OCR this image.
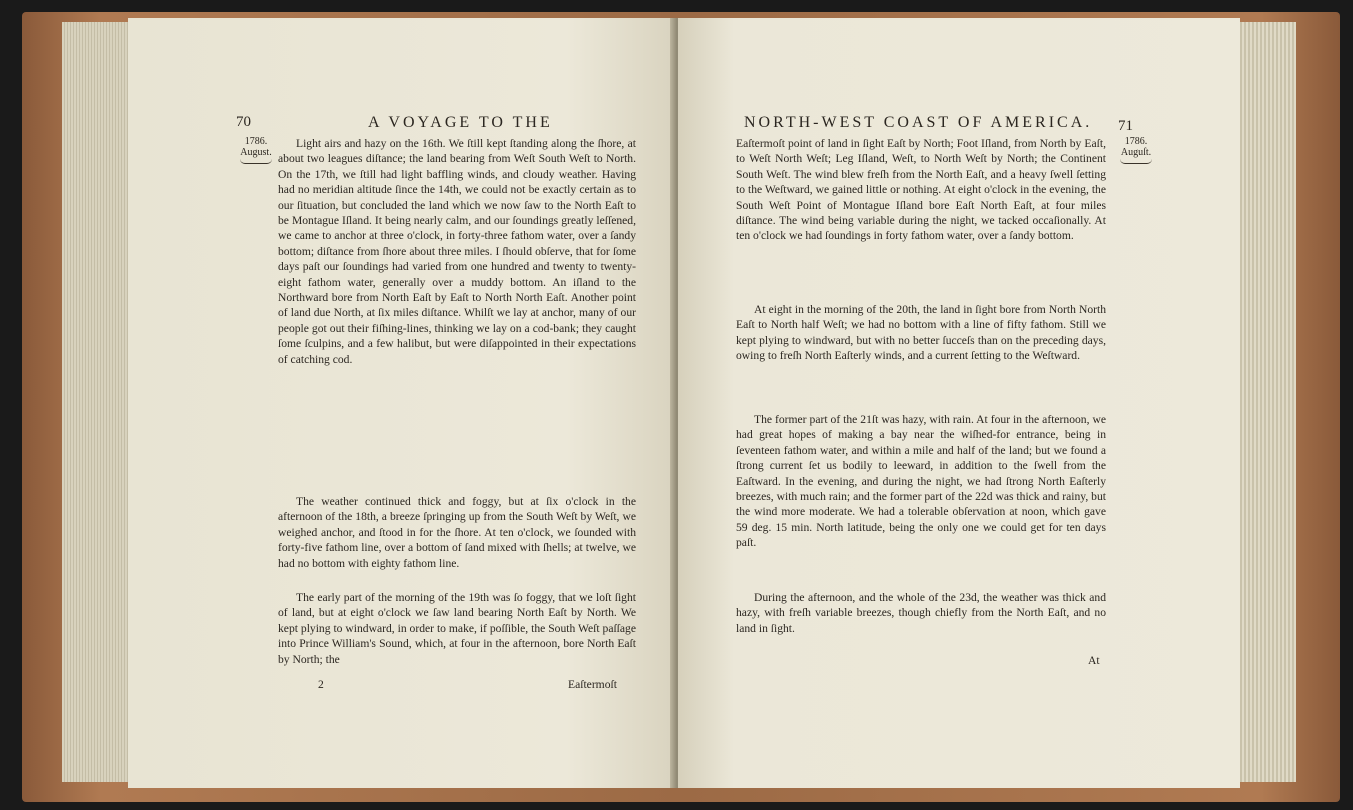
70	A VOYAGE TO THE
1786.
August.

Light airs and hazy on the 16th. We ſtill kept ſtanding along the ſhore, at about two leagues diſtance; the land bearing from Weſt South Weſt to North. On the 17th, we ſtill had light baffling winds, and cloudy weather. Having had no meridian altitude ſince the 14th, we could not be exactly certain as to our ſituation, but concluded the land which we now ſaw to the North Eaſt to be Montague Iſland. It being nearly calm, and our ſoundings greatly leſſened, we came to anchor at three o'clock, in forty-three fathom water, over a ſandy bottom; diſtance from ſhore about three miles. I ſhould obſerve, that for ſome days paſt our ſoundings had varied from one hundred and twenty to twenty-eight fathom water, generally over a muddy bottom. An iſland to the Northward bore from North Eaſt by Eaſt to North North Eaſt. Another point of land due North, at ſix miles diſtance. Whilſt we lay at anchor, many of our people got out their fiſhing-lines, thinking we lay on a cod-bank; they caught ſome ſculpins, and a few halibut, but were diſappointed in their expectations of catching cod.

The weather continued thick and foggy, but at ſix o'clock in the afternoon of the 18th, a breeze ſpringing up from the South Weſt by Weſt, we weighed anchor, and ſtood in for the ſhore. At ten o'clock, we ſounded with forty-five fathom line, over a bottom of ſand mixed with ſhells; at twelve, we had no bottom with eighty fathom line.

The early part of the morning of the 19th was ſo foggy, that we loſt ſight of land, but at eight o'clock we ſaw land bearing North Eaſt by North. We kept plying to windward, in order to make, if poſſible, the South Weſt paſſage into Prince William's Sound, which, at four in the afternoon, bore North Eaſt by North; the

2	Eaſtermoſt
NORTH-WEST COAST OF AMERICA. 71
1786.
Auguſt.

Eaſtermoſt point of land in ſight Eaſt by North; Foot Iſland, from North by Eaſt, to Weſt North Weſt; Leg Iſland, Weſt, to North Weſt by North; the Continent South Weſt. The wind blew freſh from the North Eaſt, and a heavy ſwell ſetting to the Weſtward, we gained little or nothing. At eight o'clock in the evening, the South Weſt Point of Montague Iſland bore Eaſt North Eaſt, at four miles diſtance. The wind being variable during the night, we tacked occaſionally. At ten o'clock we had ſoundings in forty fathom water, over a ſandy bottom.

At eight in the morning of the 20th, the land in ſight bore from North North Eaſt to North half Weſt; we had no bottom with a line of fifty fathom. Still we kept plying to windward, but with no better ſucceſs than on the preceding days, owing to freſh North Eaſterly winds, and a current ſetting to the Weſtward.

The former part of the 21ſt was hazy, with rain. At four in the afternoon, we had great hopes of making a bay near the wiſhed-for entrance, being in ſeventeen fathom water, and within a mile and half of the land; but we found a ſtrong current ſet us bodily to leeward, in addition to the ſwell from the Eaſtward. In the evening, and during the night, we had ſtrong North Eaſterly breezes, with much rain; and the former part of the 22d was thick and rainy, but the wind more moderate. We had a tolerable obſervation at noon, which gave 59 deg. 15 min. North latitude, being the only one we could get for ten days paſt.

During the afternoon, and the whole of the 23d, the weather was thick and hazy, with freſh variable breezes, though chiefly from the North Eaſt, and no land in ſight.

At
